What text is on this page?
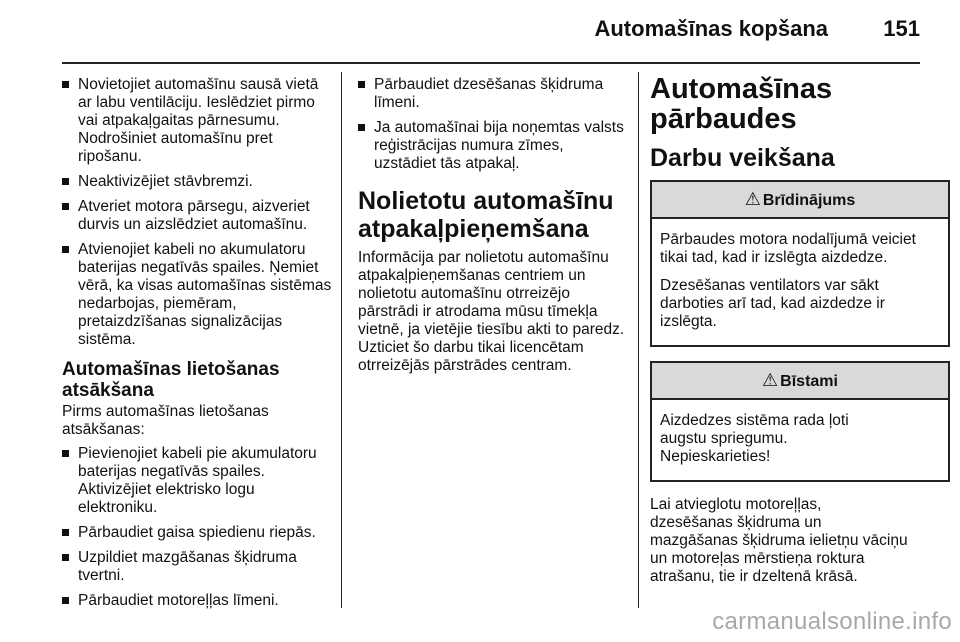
Automašīnas kopšana	151
Novietojiet automašīnu sausā vietā ar labu ventilāciju. Ieslēdziet pirmo vai atpakaļgaitas pārnesumu. Nodrošiniet automašīnu pret ripošanu.
Neaktivizējiet stāvbremzi.
Atveriet motora pārsegu, aizveriet durvis un aizslēdziet automašīnu.
Atvienojiet kabeli no akumulatoru baterijas negatīvās spailes. Ņemiet vērā, ka visas automašīnas sistēmas nedarbojas, piemēram, pretaizdzīšanas signalizācijas sistēma.
Automašīnas lietošanas atsākšana
Pirms automašīnas lietošanas atsākšanas:
Pievienojiet kabeli pie akumulatoru baterijas negatīvās spailes. Aktivizējiet elektrisko logu elektroniku.
Pārbaudiet gaisa spiedienu riepās.
Uzpildiet mazgāšanas šķidruma tvertni.
Pārbaudiet motoreļļas līmeni.
Pārbaudiet dzesēšanas šķidruma līmeni.
Ja automašīnai bija noņemtas valsts reģistrācijas numura zīmes, uzstādiet tās atpakaļ.
Nolietotu automašīnu atpakaļpieņemšana
Informācija par nolietotu automašīnu atpakaļpieņemšanas centriem un nolietotu automašīnu otrreizējo pārstrādi ir atrodama mūsu tīmekļa vietnē, ja vietējie tiesību akti to paredz. Uzticiet šo darbu tikai licencētam otrreizējās pārstrādes centram.
Automašīnas
pārbaudes
Darbu veikšana
⚠ Brīdinājums
Pārbaudes motora nodalījumā veiciet tikai tad, kad ir izslēgta aizdedze.
Dzesēšanas ventilators var sākt darboties arī tad, kad aizdedze ir izslēgta.
⚠ Bīstami
Aizdedzes sistēma rada ļoti
augstu spriegumu.
Nepieskarieties!
Lai atvieglotu motoreļļas,
dzesēšanas šķidruma un
mazgāšanas šķidruma ielietņu vāciņu
un motoreļas mērstieņa roktura
atrašanu, tie ir dzeltenā krāsā.
carmanualsonline.info
